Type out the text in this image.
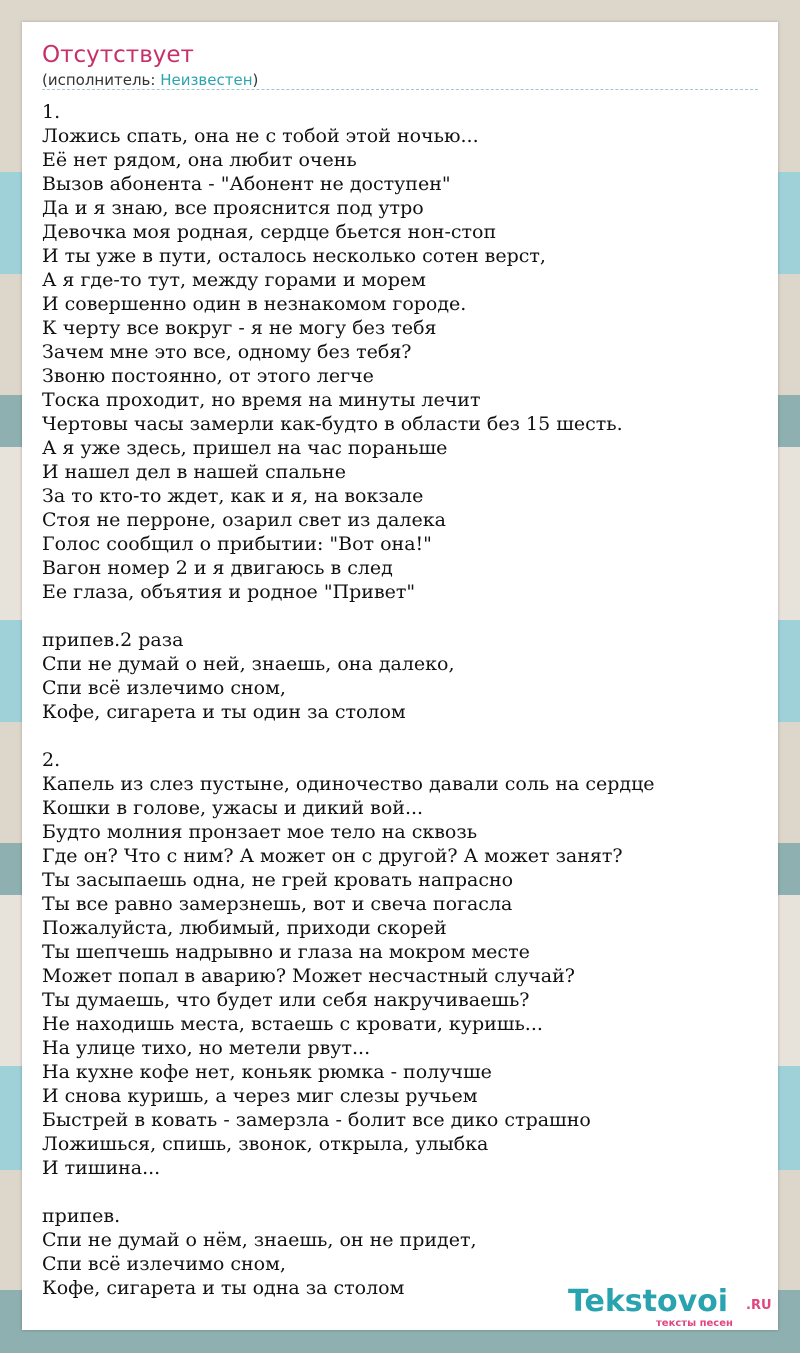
Отсутствует
(исполнитель: Неизвестен)
1.
Ложись спать, она не с тобой этой ночью...
Её нет рядом, она любит очень
Вызов абонента - "Абонент не доступен"
Да и я знаю, все прояснится под утро
Девочка моя родная, сердце бьется нон-стоп
И ты уже в пути, осталось несколько сотен верст,
А я где-то тут, между горами и морем
И совершенно один в незнакомом городе.
К черту все вокруг - я не могу без тебя
Зачем мне это все, одному без тебя?
Звоню постоянно, от этого легче
Тоска проходит, но время на минуты лечит
Чертовы часы замерли как-будто в области без 15 шесть.
А я уже здесь, пришел на час пораньше
И нашел дел в нашей спальне
За то кто-то ждет, как и я, на вокзале
Стоя не перроне, озарил свет из далека
Голос сообщил о прибытии: "Вот она!"
Вагон номер 2 и я двигаюсь в след
Ее глаза, объятия и родное "Привет"

припев.2 раза
Спи не думай о ней, знаешь, она далеко,
Спи всё излечимо сном,
Кофе, сигарета и ты один за столом

2.
Капель из слез пустыне, одиночество давали соль на сердце
Кошки в голове, ужасы и дикий вой...
Будто молния пронзает мое тело на сквозь
Где он? Что с ним? А может он с другой? А может занят?
Ты засыпаешь одна, не грей кровать напрасно
Ты все равно замерзнешь, вот и свеча погасла
Пожалуйста, любимый, приходи скорей
Ты шепчешь надрывно и глаза на мокром месте
Может попал в аварию? Может несчастный случай?
Ты думаешь, что будет или себя накручиваешь?
Не находишь места, встаешь с кровати, куришь...
На улице тихо, но метели рвут...
На кухне кофе нет, коньяк рюмка - получше
И снова куришь, а через миг слезы ручьем
Быстрей в ковать - замерзла - болит все дико страшно
Ложишься, спишь, звонок, открыла, улыбка
И тишина...

припев.
Спи не думай о нём, знаешь, он не придет,
Спи всё излечимо сном,
Кофе, сигарета и ты одна за столом	Tekstovoi .RU
тексты песен
